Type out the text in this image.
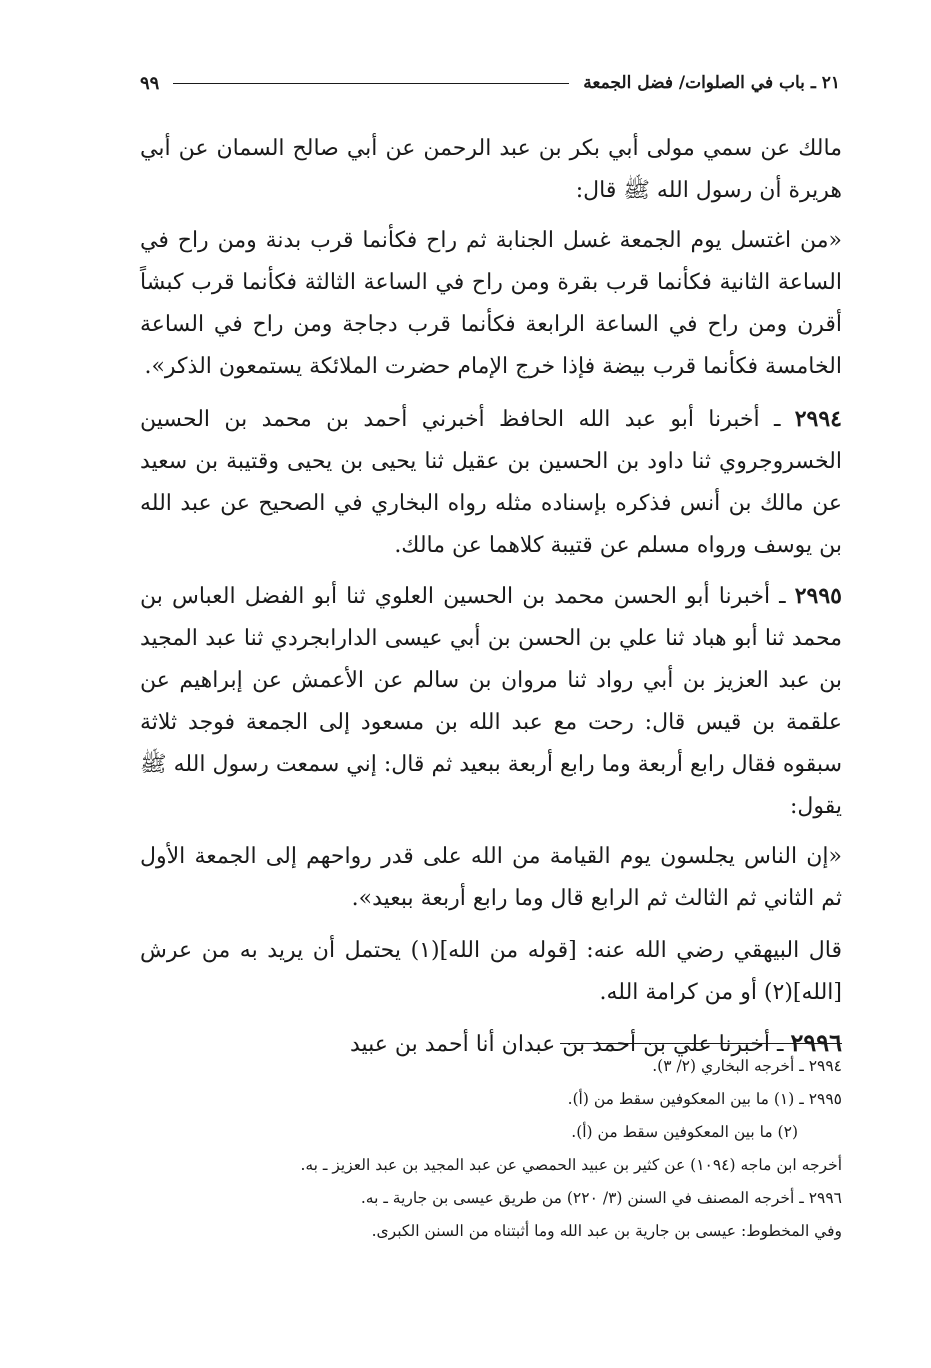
٢١ ـ باب في الصلوات/ فضل الجمعة
٩٩

مالك عن سمي مولى أبي بكر بن عبد الرحمن عن أبي صالح السمان عن أبي هريرة أن رسول الله ﷺ قال:

«من اغتسل يوم الجمعة غسل الجنابة ثم راح فكأنما قرب بدنة ومن راح في الساعة الثانية فكأنما قرب بقرة ومن راح في الساعة الثالثة فكأنما قرب كبشاً أقرن ومن راح في الساعة الرابعة فكأنما قرب دجاجة ومن راح في الساعة الخامسة فكأنما قرب بيضة فإذا خرج الإمام حضرت الملائكة يستمعون الذكر».

٢٩٩٤ ـ أخبرنا أبو عبد الله الحافظ أخبرني أحمد بن محمد بن الحسين الخسروجروي ثنا داود بن الحسين بن عقيل ثنا يحيى بن يحيى وقتيبة بن سعيد عن مالك بن أنس فذكره بإسناده مثله رواه البخاري في الصحيح عن عبد الله بن يوسف ورواه مسلم عن قتيبة كلاهما عن مالك.

٢٩٩٥ ـ أخبرنا أبو الحسن محمد بن الحسين العلوي ثنا أبو الفضل العباس بن محمد ثنا أبو هباد ثنا علي بن الحسن بن أبي عيسى الدارابجردي ثنا عبد المجيد بن عبد العزيز بن أبي رواد ثنا مروان بن سالم عن الأعمش عن إبراهيم عن علقمة بن قيس قال: رحت مع عبد الله بن مسعود إلى الجمعة فوجد ثلاثة سبقوه فقال رابع أربعة وما رابع أربعة ببعيد ثم قال: إني سمعت رسول الله ﷺ يقول:

«إن الناس يجلسون يوم القيامة من الله على قدر رواحهم إلى الجمعة الأول ثم الثاني ثم الثالث ثم الرابع قال وما رابع أربعة ببعيد».

قال البيهقي رضي الله عنه: [قوله من الله](١) يحتمل أن يريد به من عرش [الله](٢) أو من كرامة الله.

٢٩٩٦ ـ أخبرنا علي بن أحمد بن عبدان أنا أحمد بن عبيد

٢٩٩٤ ـ أخرجه البخاري (٢/ ٣).
٢٩٩٥ ـ (١) ما بين المعكوفين سقط من (أ).
(٢) ما بين المعكوفين سقط من (أ).
أخرجه ابن ماجه (١٠٩٤) عن كثير بن عبيد الحمصي عن عبد المجيد بن عبد العزيز ـ به.
٢٩٩٦ ـ أخرجه المصنف في السنن (٣/ ٢٢٠) من طريق عيسى بن جارية ـ به.
وفي المخطوط: عيسى بن جارية بن عبد الله وما أثبتناه من السنن الكبرى.
